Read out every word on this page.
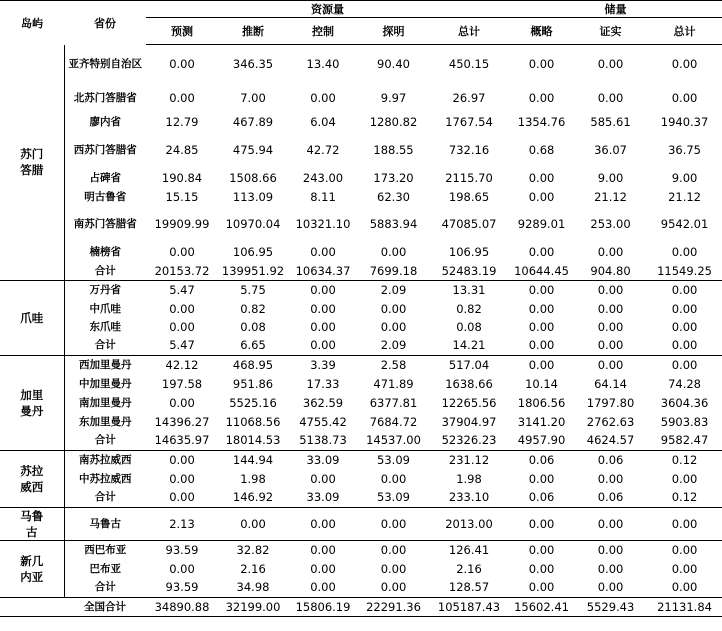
岛屿	省份	资源量					储量		
		预测	推断	控制	探明	总计	概略	证实	总计
苏门
答腊	亚齐特别自治区	0.00	346.35	13.40	90.40	450.15	0.00	0.00	0.00
	北苏门答腊省	0.00	7.00	0.00	9.97	26.97	0.00	0.00	0.00
	廖内省	12.79	467.89	6.04	1280.82	1767.54	1354.76	585.61	1940.37
	西苏门答腊省	24.85	475.94	42.72	188.55	732.16	0.68	36.07	36.75
	占碑省	190.84	1508.66	243.00	173.20	2115.70	0.00	9.00	9.00
	明古鲁省	15.15	113.09	8.11	62.30	198.65	0.00	21.12	21.12
	南苏门答腊省	19909.99	10970.04	10321.10	5883.94	47085.07	9289.01	253.00	9542.01
	楠榜省	0.00	106.95	0.00	0.00	106.95	0.00	0.00	0.00
	合计	20153.72	139951.92	10634.37	7699.18	52483.19	10644.45	904.80	11549.25
爪哇	万丹省	5.47	5.75	0.00	2.09	13.31	0.00	0.00	0.00
	中爪哇	0.00	0.82	0.00	0.00	0.82	0.00	0.00	0.00
	东爪哇	0.00	0.08	0.00	0.00	0.08	0.00	0.00	0.00
	合计	5.47	6.65	0.00	2.09	14.21	0.00	0.00	0.00
加里
曼丹	西加里曼丹	42.12	468.95	3.39	2.58	517.04	0.00	0.00	0.00
	中加里曼丹	197.58	951.86	17.33	471.89	1638.66	10.14	64.14	74.28
	南加里曼丹	0.00	5525.16	362.59	6377.81	12265.56	1806.56	1797.80	3604.36
	东加里曼丹	14396.27	11068.56	4755.42	7684.72	37904.97	3141.20	2762.63	5903.83
	合计	14635.97	18014.53	5138.73	14537.00	52326.23	4957.90	4624.57	9582.47
苏拉
威西	南苏拉威西	0.00	144.94	33.09	53.09	231.12	0.06	0.06	0.12
	中苏拉威西	0.00	1.98	0.00	0.00	1.98	0.00	0.00	0.00
	合计	0.00	146.92	33.09	53.09	233.10	0.06	0.06	0.12
马鲁
古	马鲁古	2.13	0.00	0.00	0.00	2013.00	0.00	0.00	0.00
新几
内亚	西巴布亚	93.59	32.82	0.00	0.00	126.41	0.00	0.00	0.00
	巴布亚	0.00	2.16	0.00	0.00	2.16	0.00	0.00	0.00
	合计	93.59	34.98	0.00	0.00	128.57	0.00	0.00	0.00
	全国合计	34890.88	32199.00	15806.19	22291.36	105187.43	15602.41	5529.43	21131.84
